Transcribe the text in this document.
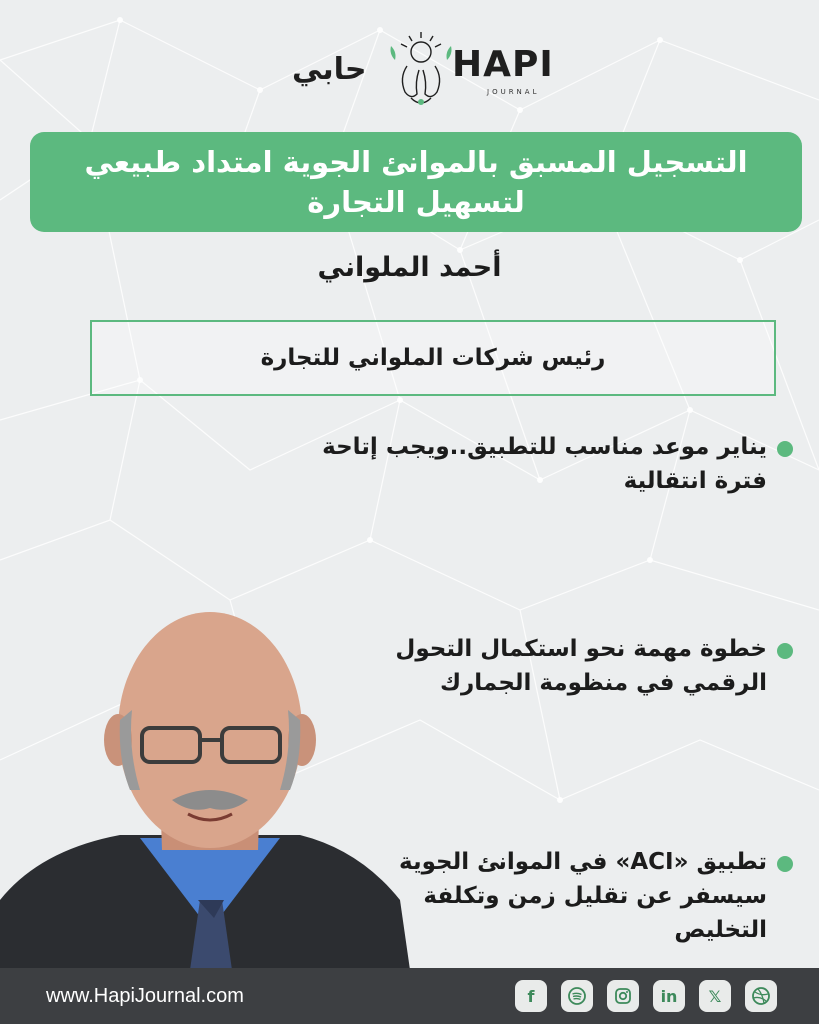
حابي HAPI
JOURNAL
التسجيل المسبق بالموانئ الجوية امتداد طبيعي
لتسهيل التجارة
أحمد الملواني
رئيس شركات الملواني للتجارة
يناير موعد مناسب للتطبيق..ويجب إتاحة
فترة انتقالية
خطوة مهمة نحو استكمال التحول
الرقمي في منظومة الجمارك
تطبيق «ACI» في الموانئ الجوية
سيسفر عن تقليل زمن وتكلفة
التخليص
www.HapiJournal.com	f	in 𝕏
